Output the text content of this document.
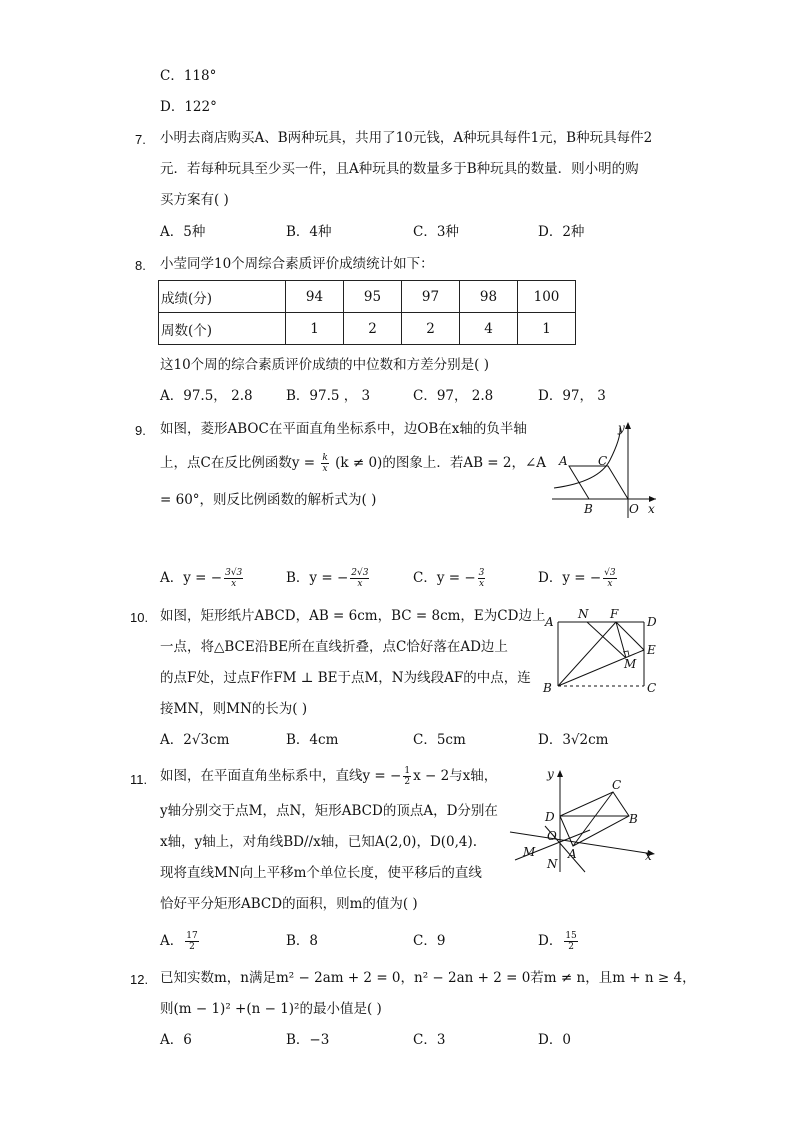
C．118°
D．122°
7. 小明去商店购买A、B两种玩具，共用了10元钱，A种玩具每件1元，B种玩具每件2
元．若每种玩具至少买一件，且A种玩具的数量多于B种玩具的数量．则小明的购
买方案有( )
A．5种	B．4种	C．3种	D．2种
8. 小莹同学10个周综合素质评价成绩统计如下：
成绩(分)	94	95	97	98	100
周数(个)	1	2	2	4	1
这10个周的综合素质评价成绩的中位数和方差分别是( )
A．97.5， 2.8 B．97.5 ， 3	C．97， 2.8	D．97， 3
9. 如图，菱形ABOC在平面直角坐标系中，边OB在x轴的负半轴
上，点C在反比例函数$y = \frac{k}{x} (k \ne 0)$的图象上．若AB = 2，∠A
= 60°，则反比例函数的解析式为( )
y
A	C
B	O x
A．y = − $\frac{3√3}{x}$	B．y = − $\frac{2√3}{x}$	C．y = − $\frac{3}{x}$	D．y = − $\frac{√3}{x}$
10. 如图，矩形纸片ABCD，AB = 6cm，BC = 8cm，E为CD边上
一点，将△BCE沿BE所在直线折叠，点C恰好落在AD边上
的点F处，过点F作FM ⊥ BE于点M，N为线段AF的中点，连
接MN，则MN的长为( )
A
N F
D
M
E
B	C
A．2√3cm	B．4cm	C．5cm	D．3√2cm
11. 如图，在平面直角坐标系中，直线y = − $\frac{1}{2}$ x − 2与x轴，
y轴分别交于点M，点N，矩形ABCD的顶点A，D分别在
x轴，y轴上，对角线BD//x轴，已知A(2,0)，D(0,4).
现将直线MN向上平移m个单位长度，使平移后的直线
恰好平分矩形ABCD的面积，则m的值为( )
y
C
D	B
O
M	A
N
x
A． $\frac{17}{2}$	B．8	C．9	D． $\frac{15}{2}$
12. 已知实数m，n满足m² − 2am + 2 = 0，n² − 2an + 2 = 0若m ≠ n，且m + n ≥ 4，
则(m − 1)² +(n − 1)²的最小值是( )
A．6	B．−3	C．3	D．0
